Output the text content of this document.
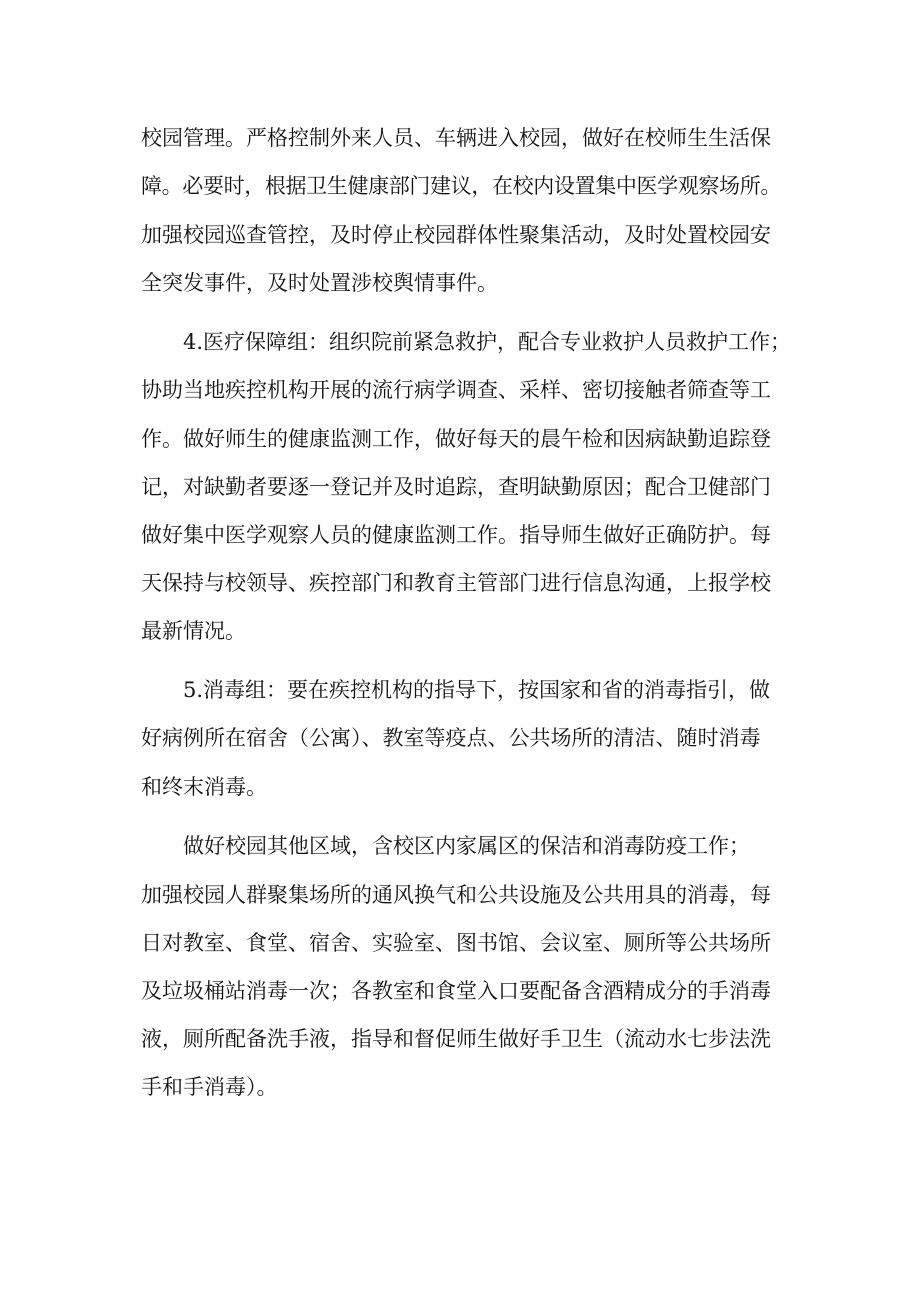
校园管理。严格控制外来人员、车辆进入校园，做好在校师生生活保
障。必要时，根据卫生健康部门建议，在校内设置集中医学观察场所。
加强校园巡查管控，及时停止校园群体性聚集活动，及时处置校园安
全突发事件，及时处置涉校舆情事件。
4.医疗保障组：组织院前紧急救护，配合专业救护人员救护工作；
协助当地疾控机构开展的流行病学调查、采样、密切接触者筛查等工
作。做好师生的健康监测工作，做好每天的晨午检和因病缺勤追踪登
记，对缺勤者要逐一登记并及时追踪，查明缺勤原因；配合卫健部门
做好集中医学观察人员的健康监测工作。指导师生做好正确防护。每
天保持与校领导、疾控部门和教育主管部门进行信息沟通，上报学校
最新情况。
5.消毒组：要在疾控机构的指导下，按国家和省的消毒指引，做
好病例所在宿舍（公寓）、教室等疫点、公共场所的清洁、随时消毒
和终末消毒。
做好校园其他区域，含校区内家属区的保洁和消毒防疫工作；
加强校园人群聚集场所的通风换气和公共设施及公共用具的消毒，每
日对教室、食堂、宿舍、实验室、图书馆、会议室、厕所等公共场所
及垃圾桶站消毒一次；各教室和食堂入口要配备含酒精成分的手消毒
液，厕所配备洗手液，指导和督促师生做好手卫生（流动水七步法洗
手和手消毒）。
